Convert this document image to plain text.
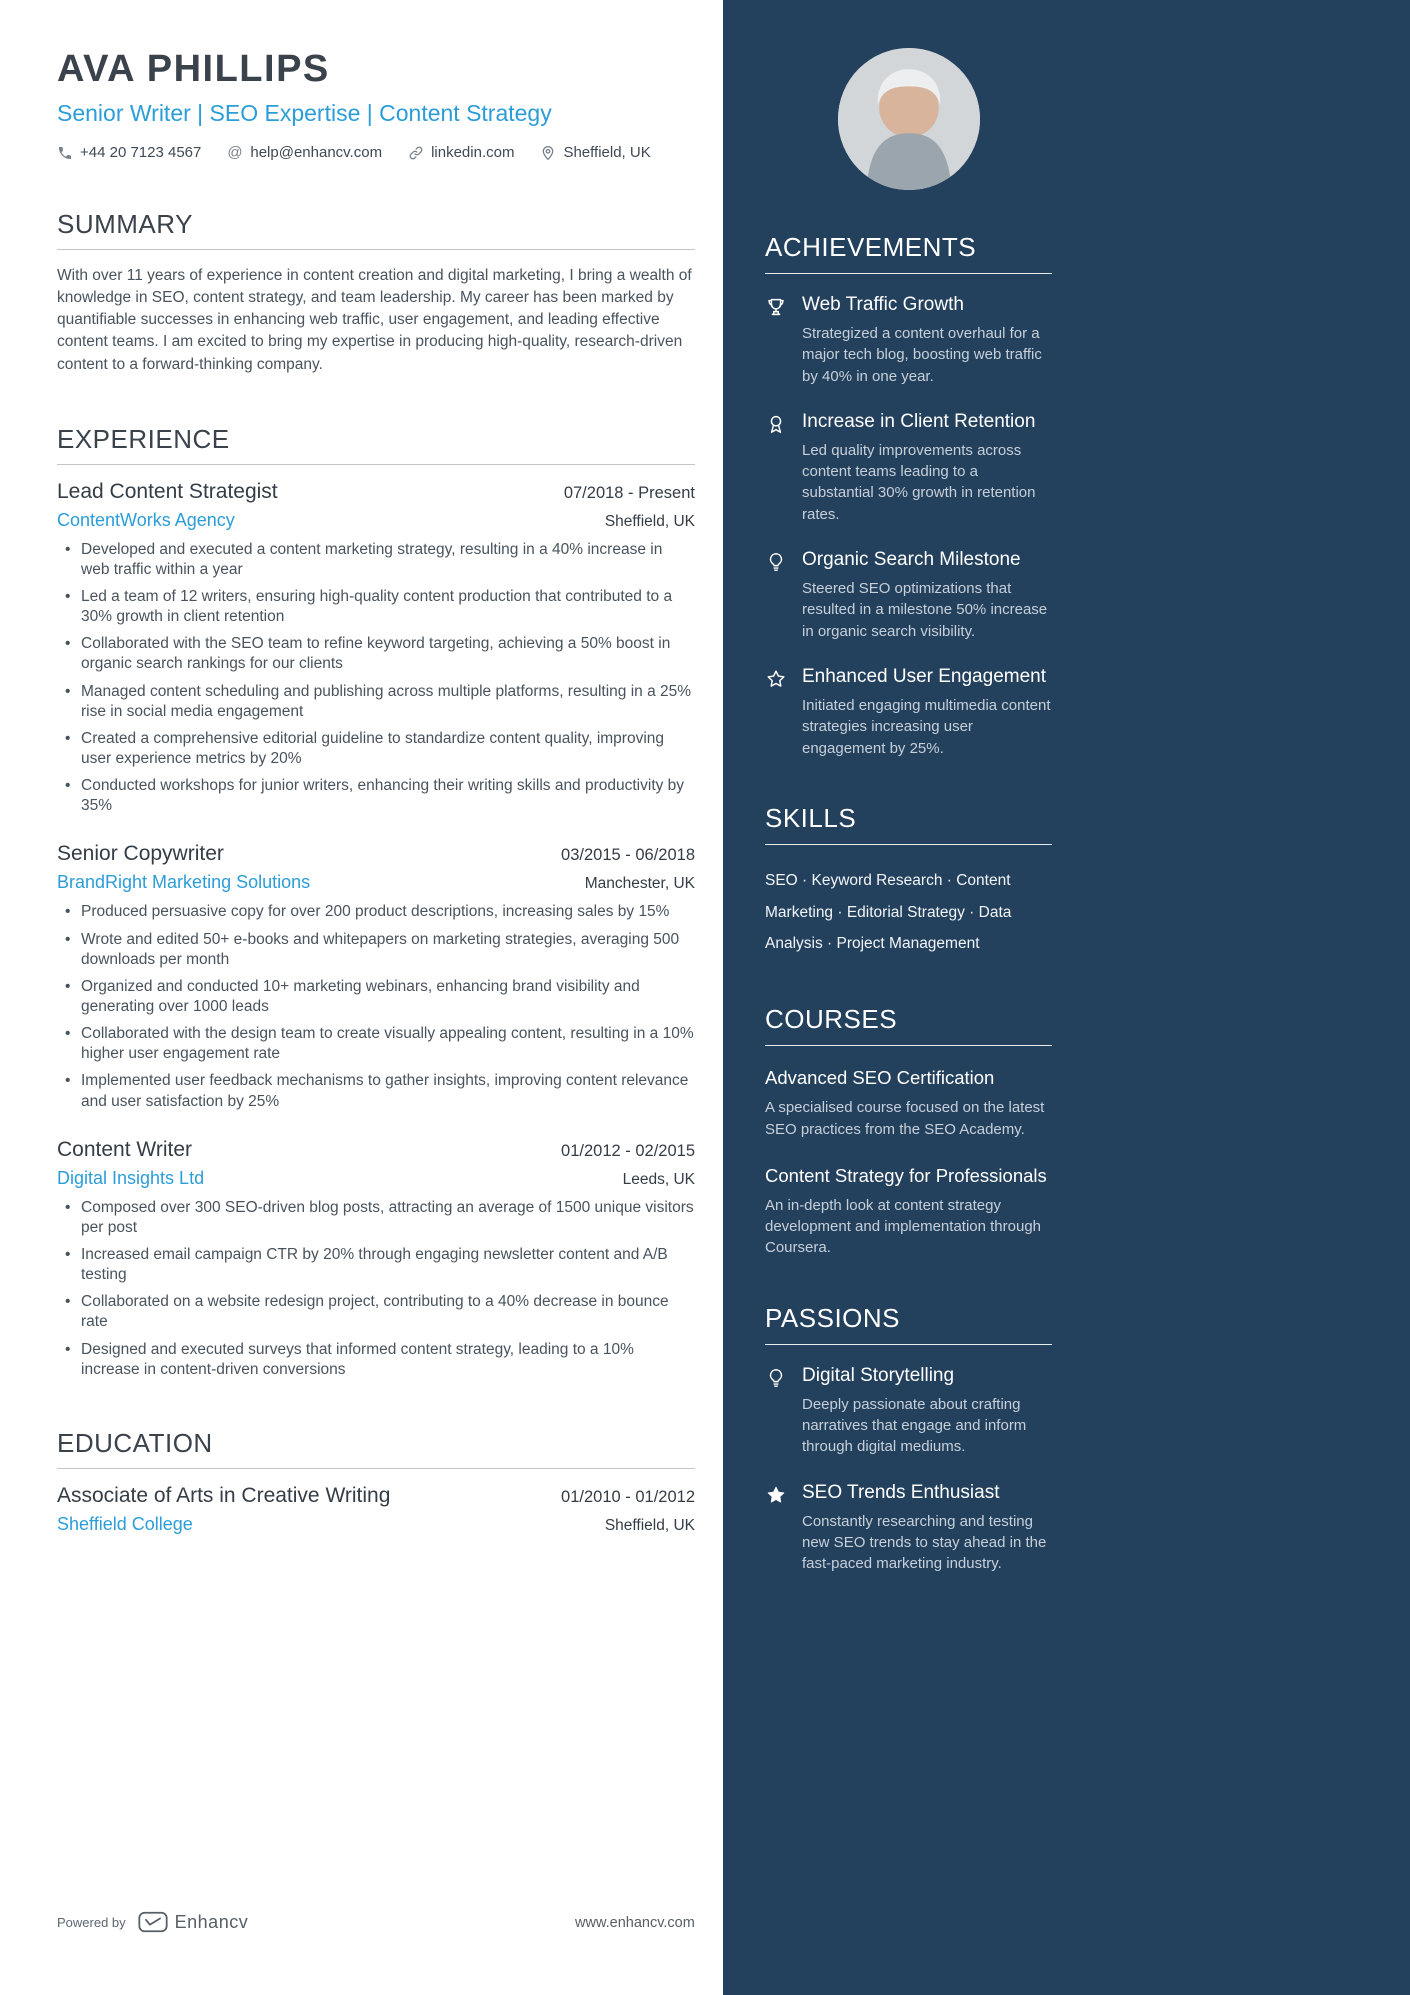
AVA PHILLIPS
Senior Writer | SEO Expertise | Content Strategy
+44 20 7123 4567 @ help@enhancv.com	linkedin.com	Sheffield, UK
SUMMARY

With over 11 years of experience in content creation and digital marketing, I bring a wealth of knowledge in SEO, content strategy, and team leadership. My career has been marked by quantifiable successes in enhancing web traffic, user engagement, and leading effective content teams. I am excited to bring my expertise in producing high-quality, research-driven content to a forward-thinking company.

EXPERIENCE
Lead Content Strategist	07/2018 - Present
ContentWorks Agency	Sheffield, UK
• Developed and executed a content marketing strategy, resulting in a 40% increase in web traffic within a year
• Led a team of 12 writers, ensuring high-quality content production that contributed to a 30% growth in client retention
• Collaborated with the SEO team to refine keyword targeting, achieving a 50% boost in organic search rankings for our clients
• Managed content scheduling and publishing across multiple platforms, resulting in a 25% rise in social media engagement
• Created a comprehensive editorial guideline to standardize content quality, improving user experience metrics by 20%
• Conducted workshops for junior writers, enhancing their writing skills and productivity by 35%
Senior Copywriter	03/2015 - 06/2018
BrandRight Marketing Solutions	Manchester, UK
• Produced persuasive copy for over 200 product descriptions, increasing sales by 15%
• Wrote and edited 50+ e-books and whitepapers on marketing strategies, averaging 500 downloads per month
• Organized and conducted 10+ marketing webinars, enhancing brand visibility and generating over 1000 leads
• Collaborated with the design team to create visually appealing content, resulting in a 10% higher user engagement rate
• Implemented user feedback mechanisms to gather insights, improving content relevance and user satisfaction by 25%
Content Writer	01/2012 - 02/2015
Digital Insights Ltd	Leeds, UK
• Composed over 300 SEO-driven blog posts, attracting an average of 1500 unique visitors per post
• Increased email campaign CTR by 20% through engaging newsletter content and A/B testing
• Collaborated on a website redesign project, contributing to a 40% decrease in bounce rate
• Designed and executed surveys that informed content strategy, leading to a 10% increase in content-driven conversions
EDUCATION
Associate of Arts in Creative Writing	01/2010 - 01/2012
Sheffield College	Sheffield, UK
ACHIEVEMENTS
Web Traffic Growth
Strategized a content overhaul for a major tech blog, boosting web traffic by 40% in one year.
Increase in Client Retention
Led quality improvements across content teams leading to a substantial 30% growth in retention rates.
Organic Search Milestone
Steered SEO optimizations that resulted in a milestone 50% increase in organic search visibility.
Enhanced User Engagement
Initiated engaging multimedia content strategies increasing user engagement by 25%.
SKILLS
SEO · Keyword Research · Content Marketing · Editorial Strategy · Data Analysis · Project Management
COURSES
Advanced SEO Certification
A specialised course focused on the latest SEO practices from the SEO Academy.
Content Strategy for Professionals
An in-depth look at content strategy development and implementation through Coursera.
PASSIONS
Digital Storytelling
Deeply passionate about crafting narratives that engage and inform through digital mediums.
SEO Trends Enthusiast
Constantly researching and testing new SEO trends to stay ahead in the fast-paced marketing industry.
Powered by	Enhancv	www.enhancv.com
